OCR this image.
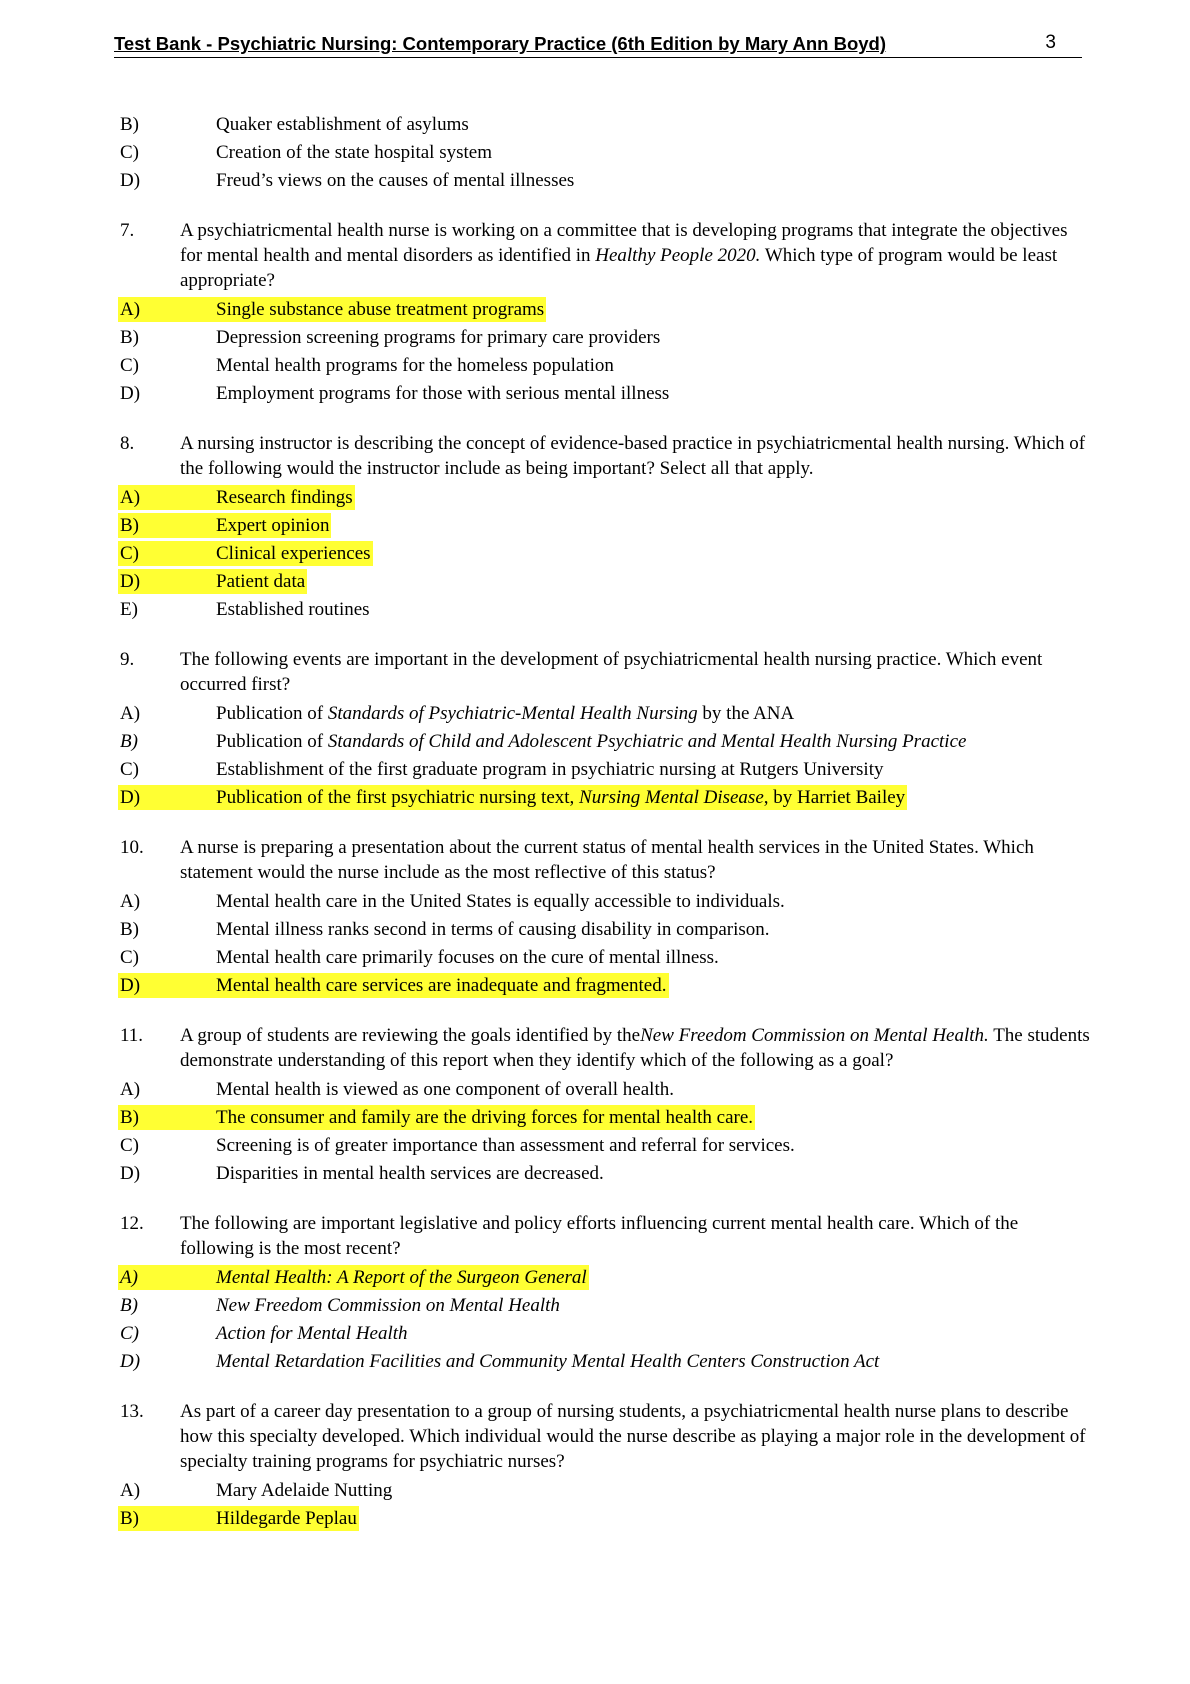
Test Bank - Psychiatric Nursing: Contemporary Practice (6th Edition by Mary Ann Boyd)	3
B)	Quaker establishment of asylums
C)	Creation of the state hospital system
D)	Freud’s views on the causes of mental illnesses
7. A psychiatricmental health nurse is working on a committee that is developing programs that integrate the objectives for mental health and mental disorders as identified in Healthy People 2020. Which type of program would be least appropriate?
A)	Single substance abuse treatment programs
B)	Depression screening programs for primary care providers
C)	Mental health programs for the homeless population
D)	Employment programs for those with serious mental illness
8. A nursing instructor is describing the concept of evidence-based practice in psychiatricmental health nursing. Which of the following would the instructor include as being important? Select all that apply.
A)	Research findings
B)	Expert opinion
C)	Clinical experiences
D)	Patient data
E)	Established routines
9. The following events are important in the development of psychiatricmental health nursing practice. Which event occurred first?
A)	Publication of Standards of Psychiatric-Mental Health Nursing by the ANA
B)	Publication of Standards of Child and Adolescent Psychiatric and Mental Health Nursing Practice
C)	Establishment of the first graduate program in psychiatric nursing at Rutgers University
D)	Publication of the first psychiatric nursing text, Nursing Mental Disease, by Harriet Bailey
10. A nurse is preparing a presentation about the current status of mental health services in the United States. Which statement would the nurse include as the most reflective of this status?
A)	Mental health care in the United States is equally accessible to individuals.
B)	Mental illness ranks second in terms of causing disability in comparison.
C)	Mental health care primarily focuses on the cure of mental illness.
D)	Mental health care services are inadequate and fragmented.
11. A group of students are reviewing the goals identified by theNew Freedom Commission on Mental Health. The students demonstrate understanding of this report when they identify which of the following as a goal?
A)	Mental health is viewed as one component of overall health.
B)	The consumer and family are the driving forces for mental health care.
C)	Screening is of greater importance than assessment and referral for services.
D)	Disparities in mental health services are decreased.
12. The following are important legislative and policy efforts influencing current mental health care. Which of the following is the most recent?
A)	Mental Health: A Report of the Surgeon General
B)	New Freedom Commission on Mental Health
C)	Action for Mental Health
D)	Mental Retardation Facilities and Community Mental Health Centers Construction Act
13. As part of a career day presentation to a group of nursing students, a psychiatricmental health nurse plans to describe how this specialty developed. Which individual would the nurse describe as playing a major role in the development of specialty training programs for psychiatric nurses?
A)	Mary Adelaide Nutting
B)	Hildegarde Peplau
